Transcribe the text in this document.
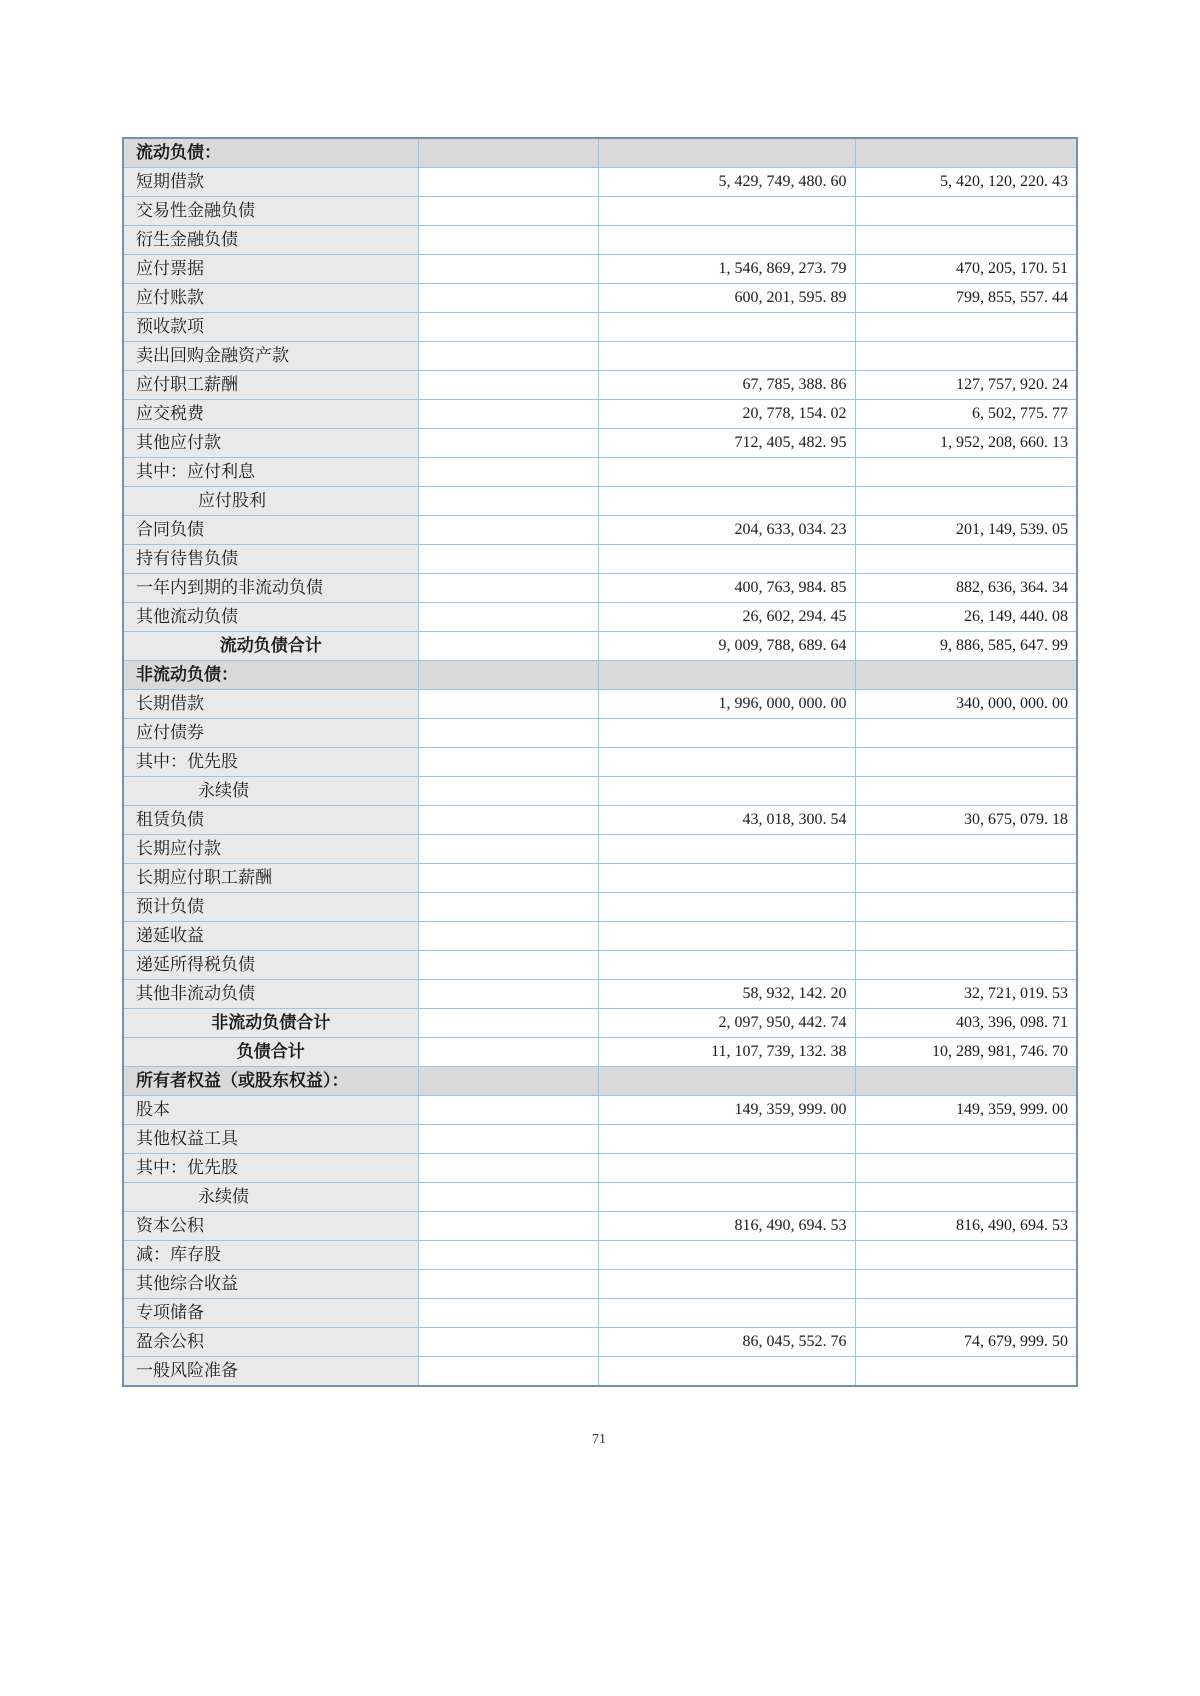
流动负债：			
短期借款		5, 429, 749, 480. 60	5, 420, 120, 220. 43
交易性金融负债			
衍生金融负债			
应付票据		1, 546, 869, 273. 79	470, 205, 170. 51
应付账款		600, 201, 595. 89	799, 855, 557. 44
预收款项			
卖出回购金融资产款			
应付职工薪酬		67, 785, 388. 86	127, 757, 920. 24
应交税费		20, 778, 154. 02	6, 502, 775. 77
其他应付款		712, 405, 482. 95	1, 952, 208, 660. 13
其中：应付利息			
应付股利			
合同负债		204, 633, 034. 23	201, 149, 539. 05
持有待售负债			
一年内到期的非流动负债		400, 763, 984. 85	882, 636, 364. 34
其他流动负债		26, 602, 294. 45	26, 149, 440. 08
流动负债合计		9, 009, 788, 689. 64	9, 886, 585, 647. 99
非流动负债：			
长期借款		1, 996, 000, 000. 00	340, 000, 000. 00
应付债券			
其中：优先股			
永续债			
租赁负债		43, 018, 300. 54	30, 675, 079. 18
长期应付款			
长期应付职工薪酬			
预计负债			
递延收益			
递延所得税负债			
其他非流动负债		58, 932, 142. 20	32, 721, 019. 53
非流动负债合计		2, 097, 950, 442. 74	403, 396, 098. 71
负债合计		11, 107, 739, 132. 38	10, 289, 981, 746. 70
所有者权益（或股东权益）：			
股本		149, 359, 999. 00	149, 359, 999. 00
其他权益工具			
其中：优先股			
永续债			
资本公积		816, 490, 694. 53	816, 490, 694. 53
减：库存股			
其他综合收益			
专项储备			
盈余公积		86, 045, 552. 76	74, 679, 999. 50
一般风险准备			
71
